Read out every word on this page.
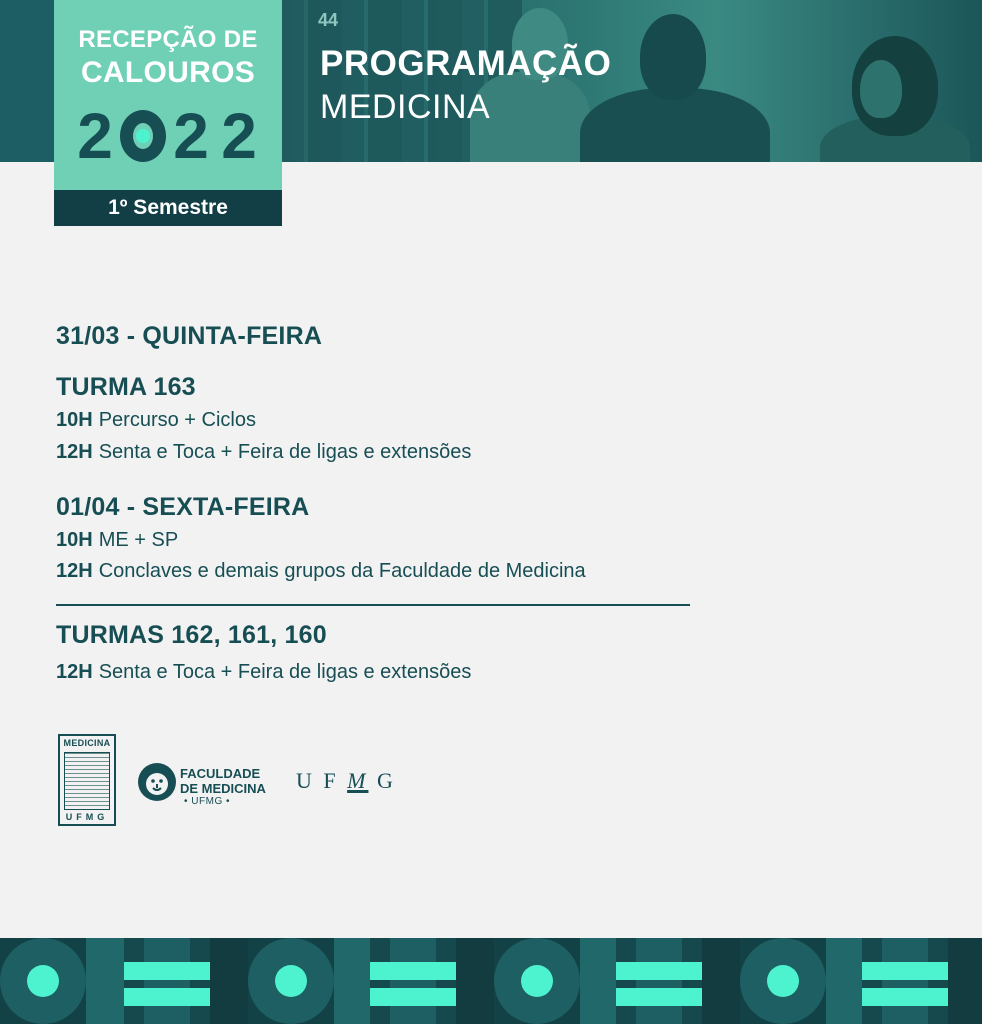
44
PROGRAMAÇÃO
MEDICINA
RECEPÇÃO DE
CALOUROS
2 2 2
1º Semestre
31/03 - QUINTA-FEIRA
TURMA 163
10H Percurso + Ciclos
12H Senta e Toca + Feira de ligas e extensões
01/04 - SEXTA-FEIRA
10H ME + SP
12H Conclaves e demais grupos da Faculdade de Medicina
TURMAS 162, 161, 160
12H Senta e Toca + Feira de ligas e extensões
MEDICINA
UFMG
FACULDADE
DE MEDICINA
• UFMG •
U F M G
